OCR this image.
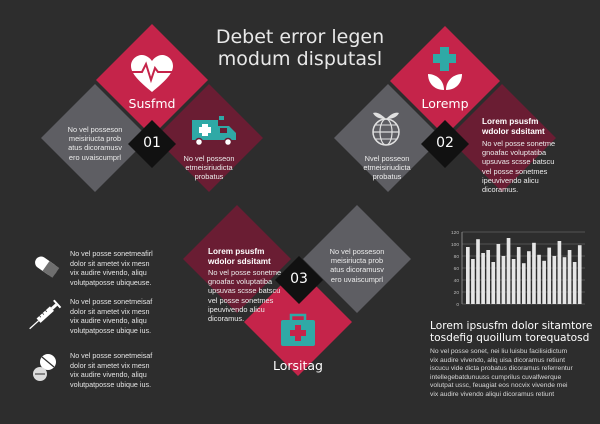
Debet error legen
modum disputasl
Susfmd
01
No vel posseson
meisiriucta prob
atus dicoramusv
ero uvaiscumprl	No vel posseon
etmeisiriudicta
probatus
Loremp
02
Nvel posseon
etmeisiriudicta
probatus
Lorem psusfm
wdolor sdsitamt
No vel posse sonetme
gnoafac voluptatiba
upsuvas scsse batscu
vel posse sonetmes
ipeuvivendo alicu
dicoramus.
Lorem psusfm
wdolor sdsitamt
No vel posse sonetme
gnoafac voluptatiba
upsuvas scsse batscu
vel posse sonetmes
ipeuvivendo alicu
dicoramus.
03
No vel posseson
meisiriucta prob
atus dicoramusv
ero uvaiscumprl
Lorsitag
No vel posse sonetmeafirl
dolor sit ametet vix mesn
vix audire vivendo, aliqu
volutpatposse ubiqueuse.
No vel posse sonetmeisaf
dolor sit ametet vix mesn
vix audire vivendo, aliqu
volutpatposse ubique ius.
No vel posse sonetmeisaf
dolor sit ametet vix mesn
vix audire vivendo, aliqu
volutpatposse ubique ius.
120
100
80
60
40
20
0
Lorem ipsusfm dolor sitamtore
tosdefig quoillum torequatosd
No vel posse sonet, nei liu luisbu facilisidictum
vix audire vivendo, aliq uisa dicoramus retiunt
iscucu vide dicta probatus dicoramus referrentur
intellegebatdunuuss cumprilus cuvalfwerque
volutpat ussc, feuagiat eos nocvix vivende mei
vix audire vivendo aliqui dicoramus retiunt
